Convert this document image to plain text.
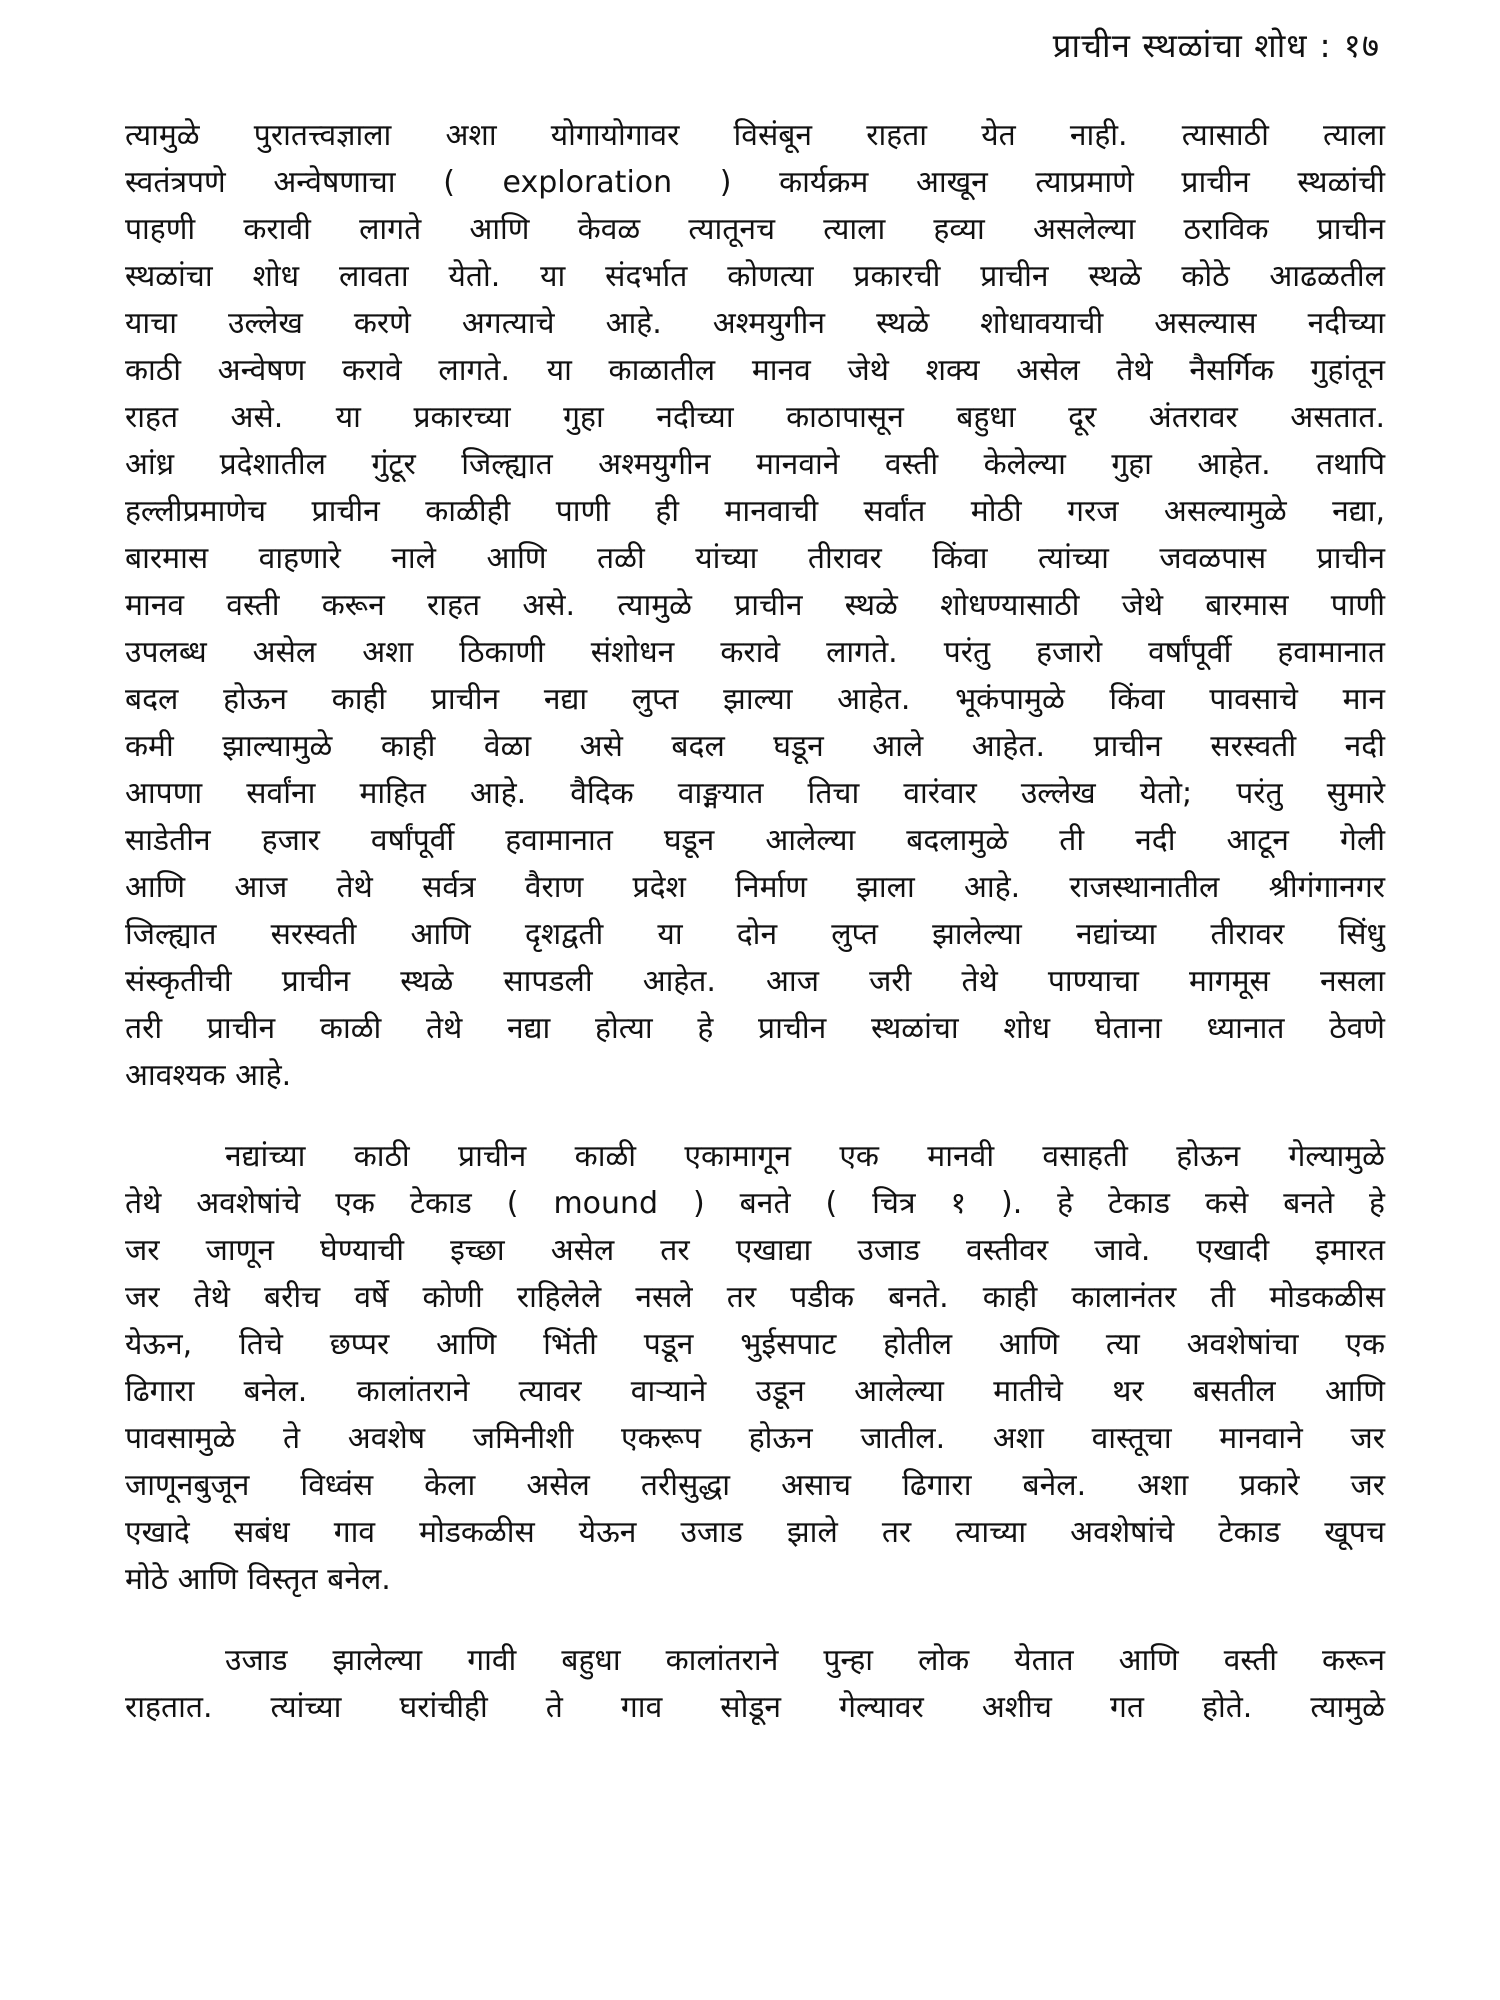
प्राचीन स्थळांचा शोध : १७
त्यामुळे पुरातत्त्वज्ञाला अशा योगायोगावर विसंबून राहता येत नाही. त्यासाठी त्याला
स्वतंत्रपणे अन्वेषणाचा ( exploration ) कार्यक्रम आखून त्याप्रमाणे प्राचीन स्थळांची
पाहणी करावी लागते आणि केवळ त्यातूनच त्याला हव्या असलेल्या ठराविक प्राचीन
स्थळांचा शोध लावता येतो. या संदर्भात कोणत्या प्रकारची प्राचीन स्थळे कोठे आढळतील
याचा उल्लेख करणे अगत्याचे आहे. अश्मयुगीन स्थळे शोधावयाची असल्यास नदीच्या
काठी अन्वेषण करावे लागते. या काळातील मानव जेथे शक्य असेल तेथे नैसर्गिक गुहांतून
राहत असे. या प्रकारच्या गुहा नदीच्या काठापासून बहुधा दूर अंतरावर असतात.
आंध्र प्रदेशातील गुंटूर जिल्ह्यात अश्मयुगीन मानवाने वस्ती केलेल्या गुहा आहेत. तथापि
हल्लीप्रमाणेच प्राचीन काळीही पाणी ही मानवाची सर्वांत मोठी गरज असल्यामुळे नद्या,
बारमास वाहणारे नाले आणि तळी यांच्या तीरावर किंवा त्यांच्या जवळपास प्राचीन
मानव वस्ती करून राहत असे. त्यामुळे प्राचीन स्थळे शोधण्यासाठी जेथे बारमास पाणी
उपलब्ध असेल अशा ठिकाणी संशोधन करावे लागते. परंतु हजारो वर्षांपूर्वी हवामानात
बदल होऊन काही प्राचीन नद्या लुप्त झाल्या आहेत. भूकंपामुळे किंवा पावसाचे मान
कमी झाल्यामुळे काही वेळा असे बदल घडून आले आहेत. प्राचीन सरस्वती नदी
आपणा सर्वांना माहित आहे. वैदिक वाङ्मयात तिचा वारंवार उल्लेख येतो; परंतु सुमारे
साडेतीन हजार वर्षांपूर्वी हवामानात घडून आलेल्या बदलामुळे ती नदी आटून गेली
आणि आज तेथे सर्वत्र वैराण प्रदेश निर्माण झाला आहे. राजस्थानातील श्रीगंगानगर
जिल्ह्यात सरस्वती आणि दृशद्वती या दोन लुप्त झालेल्या नद्यांच्या तीरावर सिंधु
संस्कृतीची प्राचीन स्थळे सापडली आहेत. आज जरी तेथे पाण्याचा मागमूस नसला
तरी प्राचीन काळी तेथे नद्या होत्या हे प्राचीन स्थळांचा शोध घेताना ध्यानात ठेवणे
आवश्यक आहे.
नद्यांच्या काठी प्राचीन काळी एकामागून एक मानवी वसाहती होऊन गेल्यामुळे
तेथे अवशेषांचे एक टेकाड ( mound ) बनते ( चित्र १ ). हे टेकाड कसे बनते हे
जर जाणून घेण्याची इच्छा असेल तर एखाद्या उजाड वस्तीवर जावे. एखादी इमारत
जर तेथे बरीच वर्षे कोणी राहिलेले नसले तर पडीक बनते. काही कालानंतर ती मोडकळीस
येऊन, तिचे छप्पर आणि भिंती पडून भुईसपाट होतील आणि त्या अवशेषांचा एक
ढिगारा बनेल. कालांतराने त्यावर वाऱ्याने उडून आलेल्या मातीचे थर बसतील आणि
पावसामुळे ते अवशेष जमिनीशी एकरूप होऊन जातील. अशा वास्तूचा मानवाने जर
जाणूनबुजून विध्वंस केला असेल तरीसुद्धा असाच ढिगारा बनेल. अशा प्रकारे जर
एखादे सबंध गाव मोडकळीस येऊन उजाड झाले तर त्याच्या अवशेषांचे टेकाड खूपच
मोठे आणि विस्तृत बनेल.
उजाड झालेल्या गावी बहुधा कालांतराने पुन्हा लोक येतात आणि वस्ती करून
राहतात. त्यांच्या घरांचीही ते गाव सोडून गेल्यावर अशीच गत होते. त्यामुळे
